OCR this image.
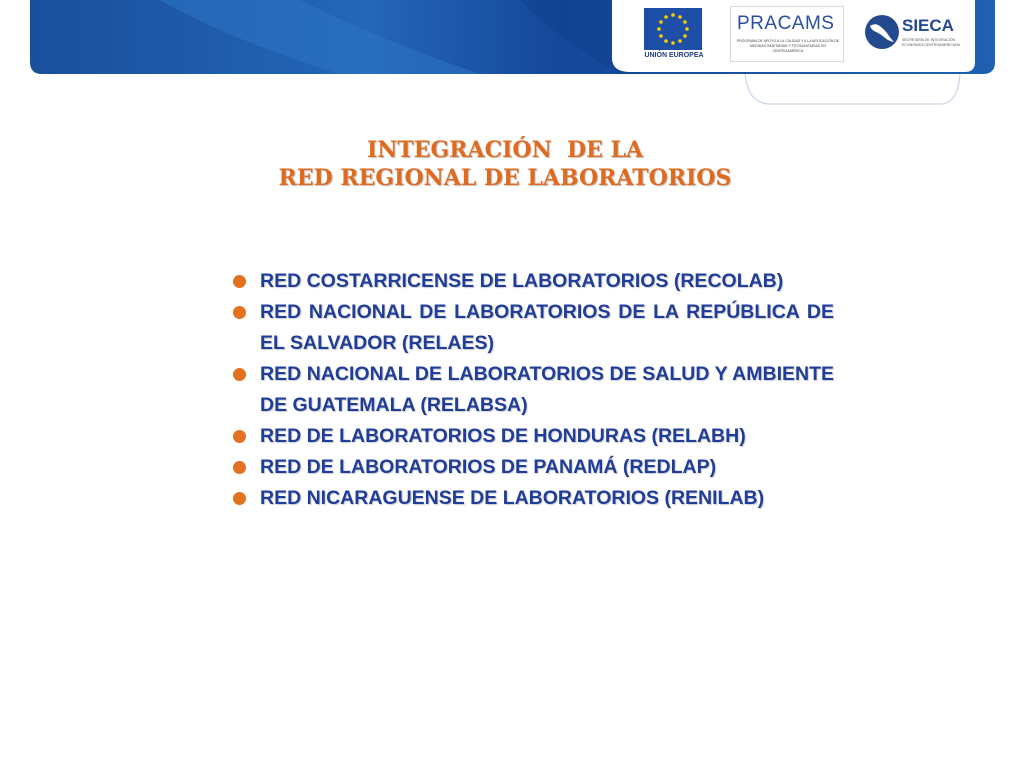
UNIÓN EUROPEA
PRACAMS
PROGRAMA DE APOYO A LA CALIDAD Y A LA APLICACIÓN DE MEDIDAS SANITARIAS Y FITOSANITARIAS EN CENTROAMÉRICA
SIECA
SECRETARÍA DE INTEGRACIÓN ECONÓMICA CENTROAMERICANA
INTEGRACIÓN  DE LA
RED REGIONAL DE LABORATORIOS
RED COSTARRICENSE DE LABORATORIOS (RECOLAB)
RED NACIONAL DE LABORATORIOS DE LA REPÚBLICA DE EL SALVADOR (RELAES)
RED NACIONAL DE LABORATORIOS DE SALUD Y AMBIENTE DE GUATEMALA (RELABSA)
RED DE LABORATORIOS DE HONDURAS (RELABH)
RED DE LABORATORIOS DE PANAMÁ (REDLAP)
RED NICARAGUENSE DE LABORATORIOS (RENILAB)
